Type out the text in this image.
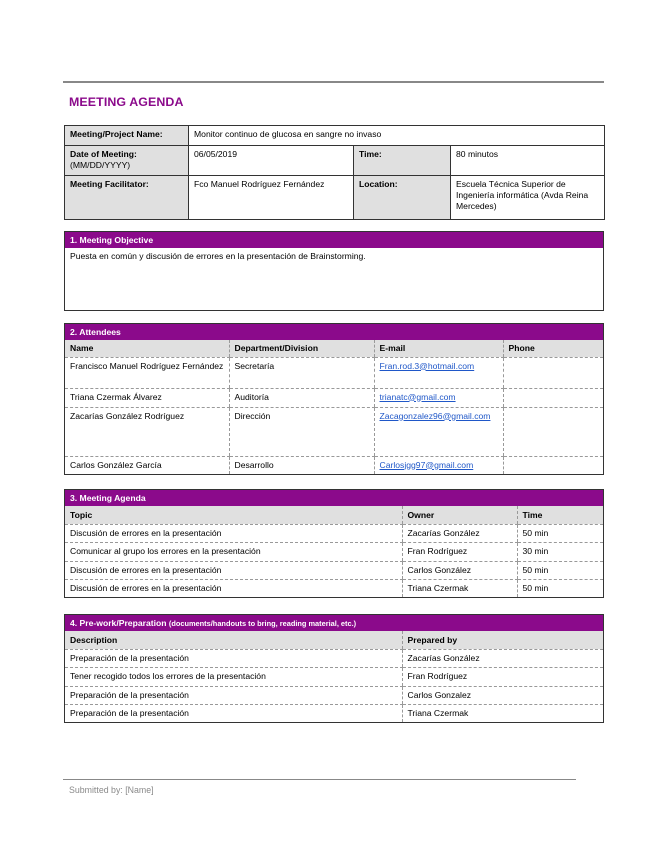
MEETING AGENDA
Meeting/Project Name:	Monitor continuo de glucosa en sangre no invaso		
Date of Meeting:
(MM/DD/YYYY)	06/05/2019	Time:	80 minutos
Meeting Facilitator:	Fco Manuel Rodríguez Fernández	Location:	Escuela Técnica Superior de Ingeniería informática (Avda Reina Mercedes)
1. Meeting Objective
Puesta en común y discusión de errores en la presentación de Brainstorming.
2. Attendees
Name	Department/Division	E-mail	Phone
Francisco Manuel Rodríguez Fernández	Secretaría	Fran.rod.3@hotmail.com	
Triana Czermak Álvarez	Auditoría	trianatc@gmail.com	
Zacarías González Rodríguez	Dirección	Zacagonzalez96@gmail.com	
Carlos González García	Desarrollo	Carlosjgg97@gmail.com	
3. Meeting Agenda
Topic	Owner	Time
Discusión de errores en la presentación	Zacarías González	50 min
Comunicar al grupo los errores en la presentación	Fran Rodríguez	30 min
Discusión de errores en la presentación	Carlos González	50 min
Discusión de errores en la presentación	Triana Czermak	50 min
4. Pre-work/Preparation (documents/handouts to bring, reading material, etc.)
Description	Prepared by
Preparación de la presentación	Zacarías González
Tener recogido todos los errores de la presentación	Fran Rodríguez
Preparación de la presentación	Carlos Gonzalez
Preparación de la presentación	Triana Czermak
Submitted by: [Name]
